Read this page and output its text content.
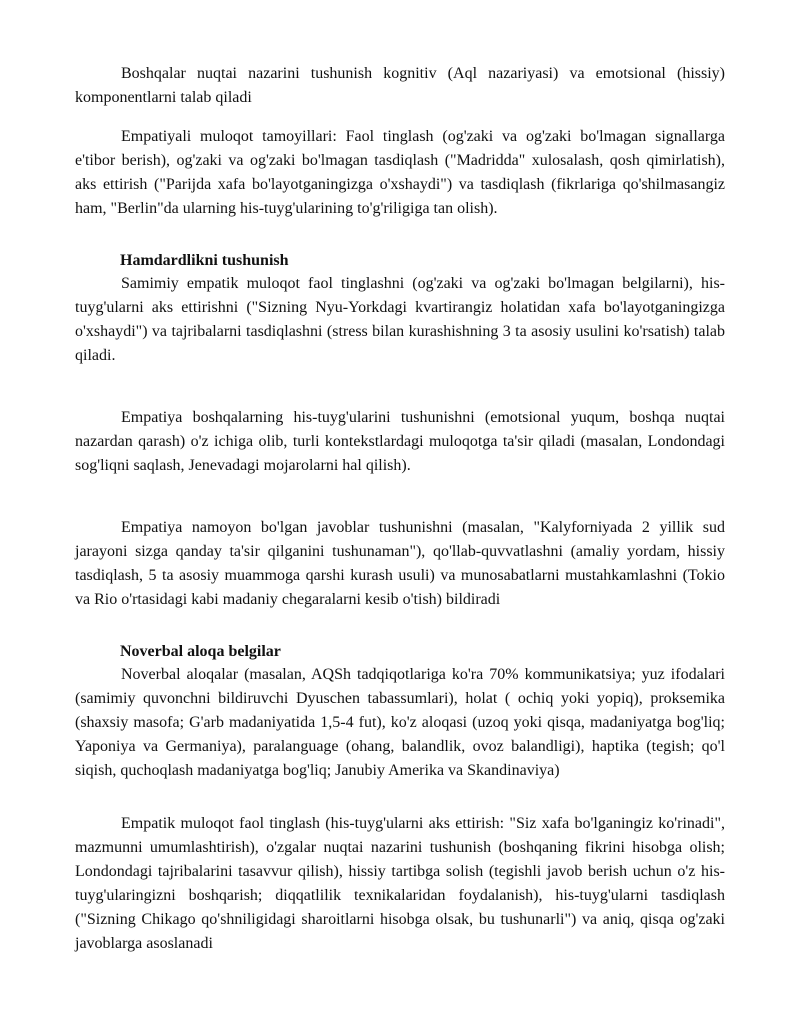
Boshqalar nuqtai nazarini tushunish kognitiv (Aql nazariyasi) va emotsional (hissiy) komponentlarni talab qiladi

Empatiyali muloqot tamoyillari: Faol tinglash (og'zaki va og'zaki bo'lmagan signallarga e'tibor berish), og'zaki va og'zaki bo'lmagan tasdiqlash ("Madridda" xulosalash, qosh qimirlatish), aks ettirish ("Parijda xafa bo'layotganingizga o'xshaydi") va tasdiqlash (fikrlariga qo'shilmasangiz ham, "Berlin"da ularning his-tuyg'ularining to'g'riligiga tan olish).

Hamdardlikni tushunish

Samimiy empatik muloqot faol tinglashni (og'zaki va og'zaki bo'lmagan belgilarni), his-tuyg'ularni aks ettirishni ("Sizning Nyu-Yorkdagi kvartirangiz holatidan xafa bo'layotganingizga o'xshaydi") va tajribalarni tasdiqlashni (stress bilan kurashishning 3 ta asosiy usulini ko'rsatish) talab qiladi.

Empatiya boshqalarning his-tuyg'ularini tushunishni (emotsional yuqum, boshqa nuqtai nazardan qarash) o'z ichiga olib, turli kontekstlardagi muloqotga ta'sir qiladi (masalan, Londondagi sog'liqni saqlash, Jenevadagi mojarolarni hal qilish).

Empatiya namoyon bo'lgan javoblar tushunishni (masalan, "Kalyforniyada 2 yillik sud jarayoni sizga qanday ta'sir qilganini tushunaman"), qo'llab-quvvatlashni (amaliy yordam, hissiy tasdiqlash, 5 ta asosiy muammoga qarshi kurash usuli) va munosabatlarni mustahkamlashni (Tokio va Rio o'rtasidagi kabi madaniy chegaralarni kesib o'tish) bildiradi

Noverbal aloqa belgilar

Noverbal aloqalar (masalan, AQSh tadqiqotlariga ko'ra 70% kommunikatsiya; yuz ifodalari (samimiy quvonchni bildiruvchi Dyuschen tabassumlari), holat ( ochiq yoki yopiq), proksemika (shaxsiy masofa; G'arb madaniyatida 1,5-4 fut), ko'z aloqasi (uzoq yoki qisqa, madaniyatga bog'liq; Yaponiya va Germaniya), paralanguage (ohang, balandlik, ovoz balandligi), haptika (tegish; qo'l siqish, quchoqlash madaniyatga bog'liq; Janubiy Amerika va Skandinaviya)

Empatik muloqot faol tinglash (his-tuyg'ularni aks ettirish: "Siz xafa bo'lganingiz ko'rinadi", mazmunni umumlashtirish), o'zgalar nuqtai nazarini tushunish (boshqaning fikrini hisobga olish; Londondagi tajribalarini tasavvur qilish), hissiy tartibga solish (tegishli javob berish uchun o'z his-tuyg'ularingizni boshqarish; diqqatlilik texnikalaridan foydalanish), his-tuyg'ularni tasdiqlash ("Sizning Chikago qo'shniligidagi sharoitlarni hisobga olsak, bu tushunarli") va aniq, qisqa og'zaki javoblarga asoslanadi
